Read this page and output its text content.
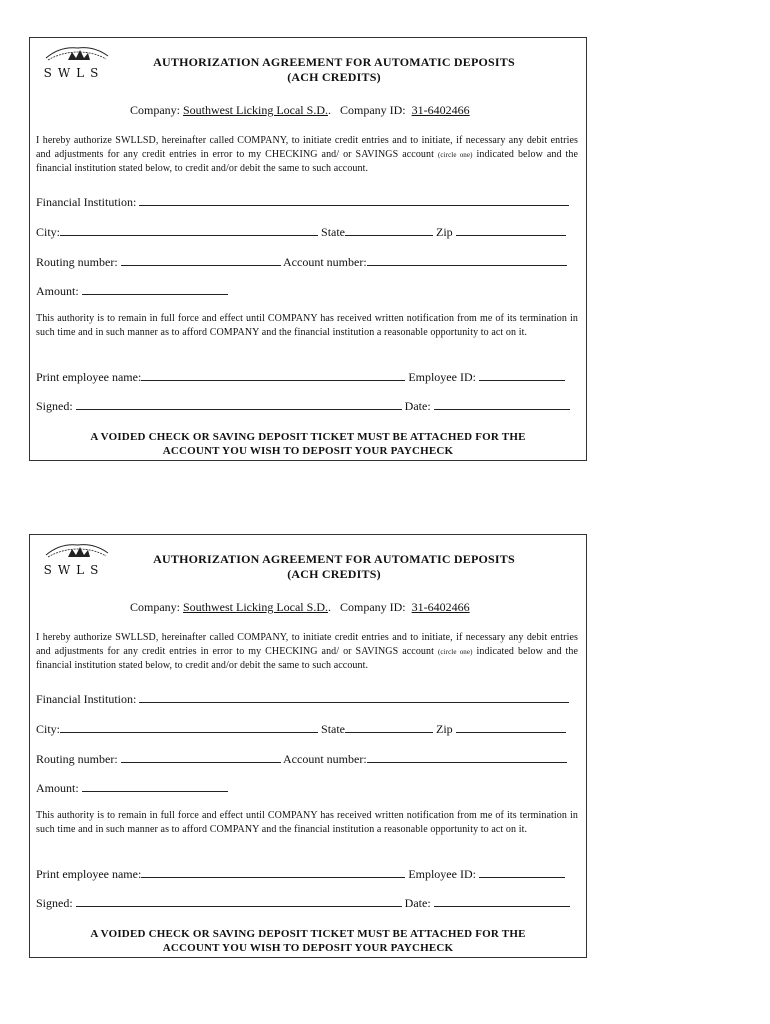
SWLS
AUTHORIZATION AGREEMENT FOR AUTOMATIC DEPOSITS
(ACH CREDITS)
Company: Southwest Licking Local S.D..   Company ID: 31-6402466
I hereby authorize SWLLSD, hereinafter called COMPANY, to initiate credit entries and to initiate, if necessary any debit entries and adjustments for any credit entries in error to my CHECKING and/ or SAVINGS account (circle one) indicated below and the financial institution stated below, to credit and/or debit the same to such account.
Financial Institution:
City:	State	Zip
Routing number:	Account number:
Amount:
This authority is to remain in full force and effect until COMPANY has received written notification from me of its termination in such time and in such manner as to afford COMPANY and the financial institution a reasonable opportunity to act on it.
Print employee name:	Employee ID:
Signed:	Date:
A VOIDED CHECK OR SAVING DEPOSIT TICKET MUST BE ATTACHED FOR THE
ACCOUNT YOU WISH TO DEPOSIT YOUR PAYCHECK
SWLS
AUTHORIZATION AGREEMENT FOR AUTOMATIC DEPOSITS
(ACH CREDITS)
Company: Southwest Licking Local S.D..   Company ID: 31-6402466
I hereby authorize SWLLSD, hereinafter called COMPANY, to initiate credit entries and to initiate, if necessary any debit entries and adjustments for any credit entries in error to my CHECKING and/ or SAVINGS account (circle one) indicated below and the financial institution stated below, to credit and/or debit the same to such account.
Financial Institution:
City:	State	Zip
Routing number:	Account number:
Amount:
This authority is to remain in full force and effect until COMPANY has received written notification from me of its termination in such time and in such manner as to afford COMPANY and the financial institution a reasonable opportunity to act on it.
Print employee name:	Employee ID:
Signed:	Date:
A VOIDED CHECK OR SAVING DEPOSIT TICKET MUST BE ATTACHED FOR THE
ACCOUNT YOU WISH TO DEPOSIT YOUR PAYCHECK
